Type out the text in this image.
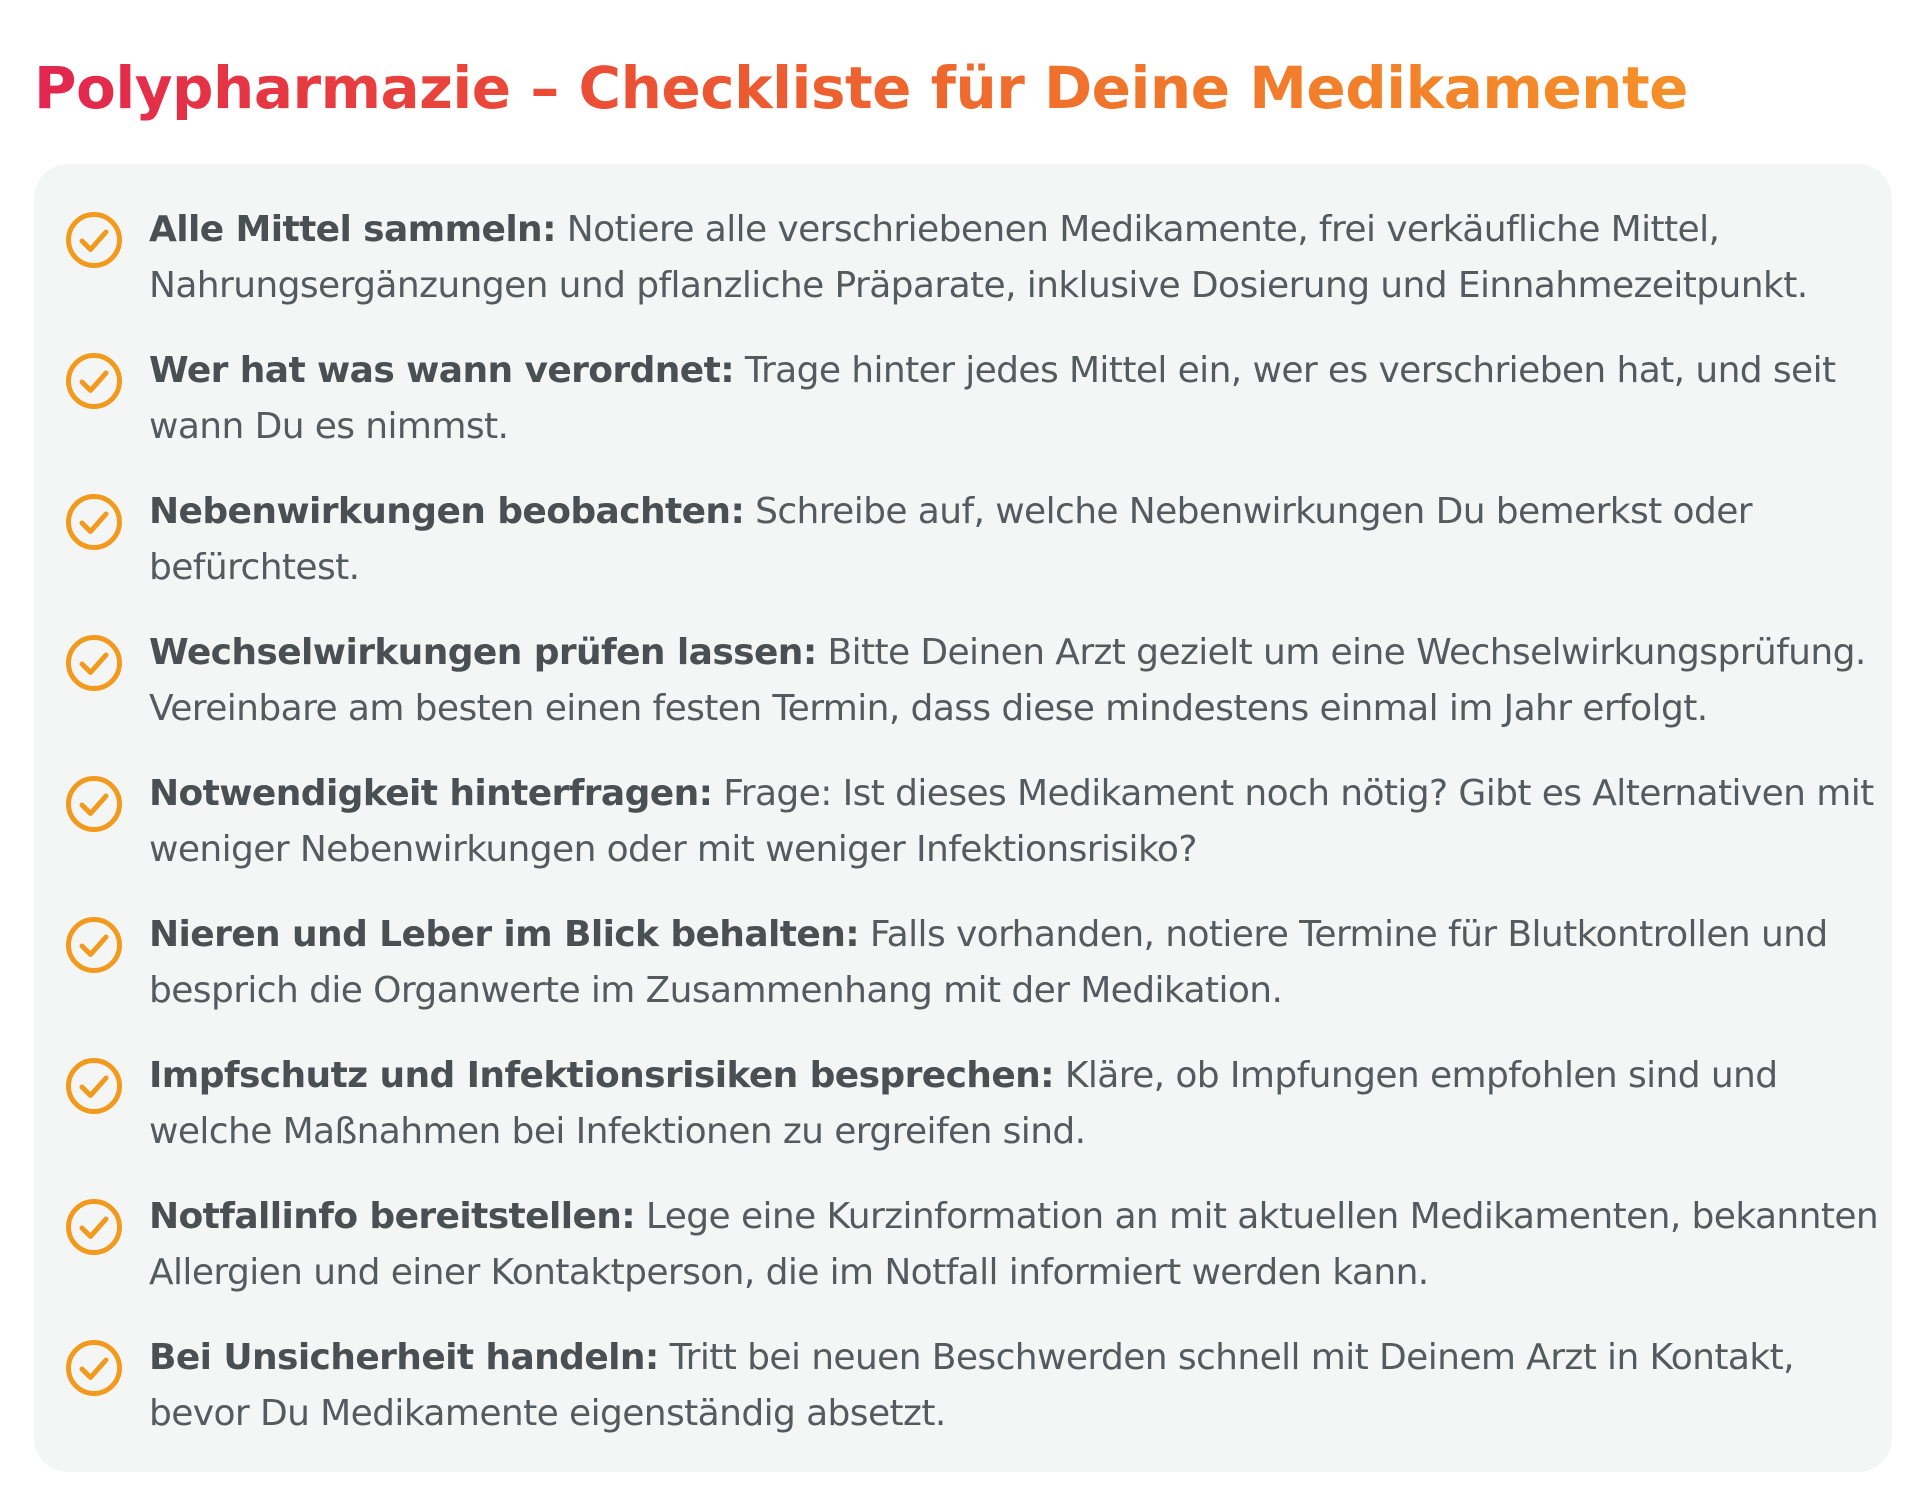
Polypharmazie – Checkliste für Deine Medikamente
Alle Mittel sammeln: Notiere alle verschriebenen Medikamente, frei verkäufliche Mittel, Nahrungsergänzungen und pflanzliche Präparate, inklusive Dosierung und Einnahmezeitpunkt.
Wer hat was wann verordnet: Trage hinter jedes Mittel ein, wer es verschrieben hat, und seit wann Du es nimmst.
Nebenwirkungen beobachten: Schreibe auf, welche Nebenwirkungen Du bemerkst oder befürchtest.
Wechselwirkungen prüfen lassen: Bitte Deinen Arzt gezielt um eine Wechselwirkungsprüfung. Vereinbare am besten einen festen Termin, dass diese mindestens einmal im Jahr erfolgt.
Notwendigkeit hinterfragen: Frage: Ist dieses Medikament noch nötig? Gibt es Alternativen mit weniger Nebenwirkungen oder mit weniger Infektionsrisiko?
Nieren und Leber im Blick behalten: Falls vorhanden, notiere Termine für Blutkontrollen und besprich die Organwerte im Zusammenhang mit der Medikation.
Impfschutz und Infektionsrisiken besprechen: Kläre, ob Impfungen empfohlen sind und welche Maßnahmen bei Infektionen zu ergreifen sind.
Notfallinfo bereitstellen: Lege eine Kurzinformation an mit aktuellen Medikamenten, bekannten Allergien und einer Kontaktperson, die im Notfall informiert werden kann.
Bei Unsicherheit handeln: Tritt bei neuen Beschwerden schnell mit Deinem Arzt in Kontakt, bevor Du Medikamente eigenständig absetzt.
